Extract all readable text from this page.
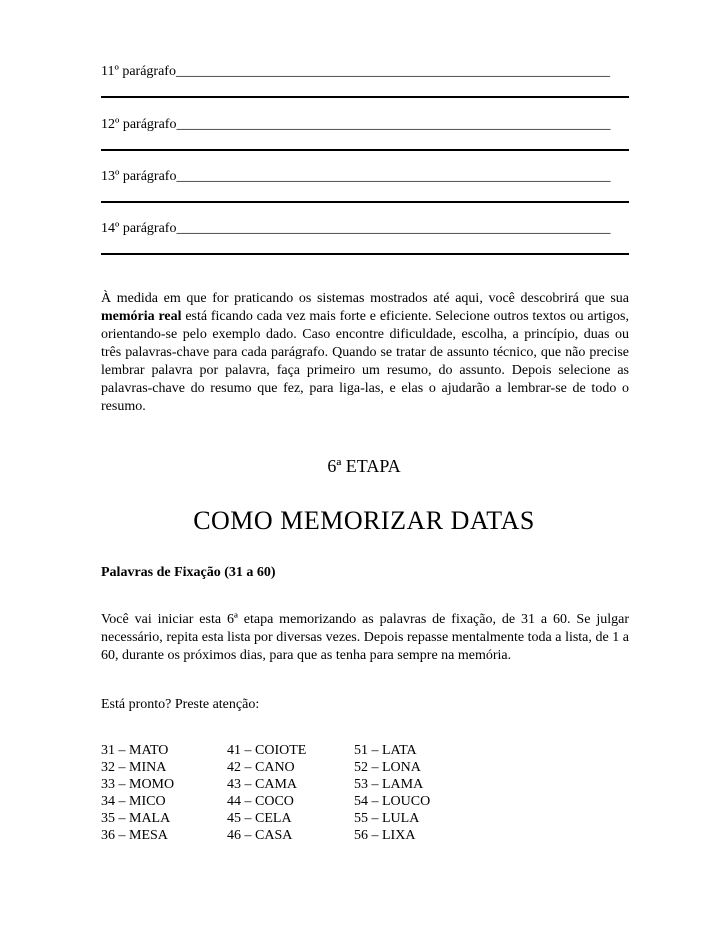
11º parágrafo______________________________________________________________
12º parágrafo______________________________________________________________
13º parágrafo______________________________________________________________
14º parágrafo______________________________________________________________

À medida em que for praticando os sistemas mostrados até aqui, você descobrirá que sua memória real está ficando cada vez mais forte e eficiente. Selecione outros textos ou artigos, orientando-se pelo exemplo dado. Caso encontre dificuldade, escolha, a princípio, duas ou três palavras-chave para cada parágrafo. Quando se tratar de assunto técnico, que não precise lembrar palavra por palavra, faça primeiro um resumo, do assunto. Depois selecione as palavras-chave do resumo que fez, para liga-las, e elas o ajudarão a lembrar-se de todo o resumo.

6ª ETAPA
COMO MEMORIZAR DATAS
Palavras de Fixação (31 a 60)

Você vai iniciar esta 6ª etapa memorizando as palavras de fixação, de 31 a 60. Se julgar necessário, repita esta lista por diversas vezes. Depois repasse mentalmente toda a lista, de 1 a 60, durante os próximos dias, para que as tenha para sempre na memória.

Está pronto? Preste atenção:

31 – MATO
32 – MINA
33 – MOMO
34 – MICO
35 – MALA
36 – MESA
41 – COIOTE
42 – CANO
43 – CAMA
44 – COCO
45 – CELA
46 – CASA
51 – LATA
52 – LONA
53 – LAMA
54 – LOUCO
55 – LULA
56 – LIXA
